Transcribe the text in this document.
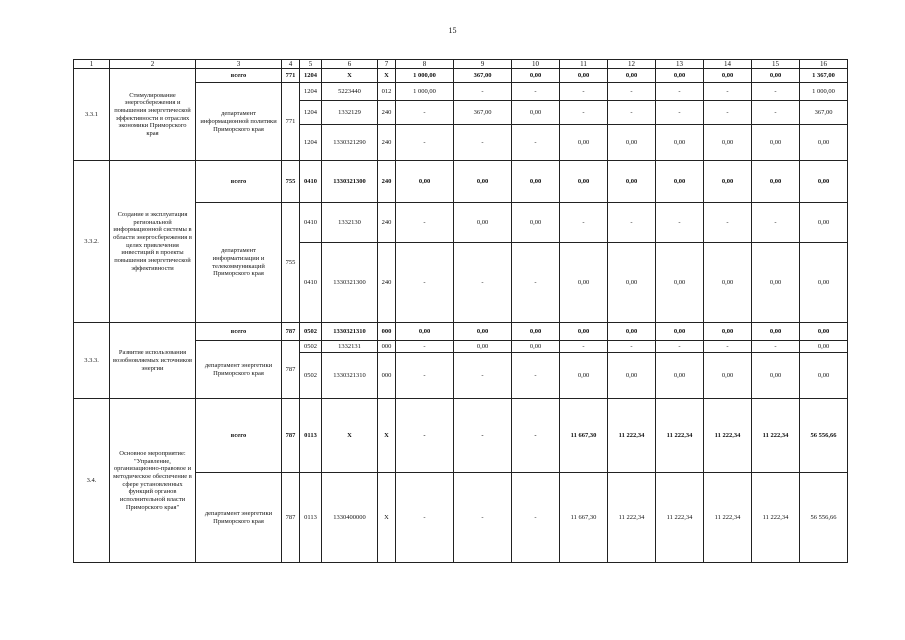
15
1	2	3	4	5	6	7	8	9	10	11	12	13	14	15	16
3.3.1	Стимулирование энергосбережения и повышения энергетической эффективности в отраслях экономики Приморского края	всего	771	1204	Х	Х	1 000,00	367,00	0,00	0,00	0,00	0,00	0,00	0,00	1 367,00
		департамент информационной политики Приморского края	771	1204	5223440	012	1 000,00	-	-	-	-	-	-	-	1 000,00
				1204	1332129	240	-	367,00	0,00	-	-	-	-	-	367,00
				1204	1330321290	240	-	-	-	0,00	0,00	0,00	0,00	0,00	0,00
3.3.2.	Создание и эксплуатация региональной информационной системы в области энергосбережения в целях привлечения инвестиций в проекты повышения энергетической эффективности	всего	755	0410	1330321300	240	0,00	0,00	0,00	0,00	0,00	0,00	0,00	0,00	0,00
		департамент информатизации и телекоммуникаций Приморского края	755	0410	1332130	240	-	0,00	0,00	-	-	-	-	-	0,00
				0410	1330321300	240	-	-	-	0,00	0,00	0,00	0,00	0,00	0,00
3.3.3.	Развитие использования возобновляемых источников энергии	всего	787	0502	1330321310	000	0,00	0,00	0,00	0,00	0,00	0,00	0,00	0,00	0,00
		департамент энергетики Приморского края	787	0502	1332131	000	-	0,00	0,00	-	-	-	-	-	0,00
				0502	1330321310	000	-	-	-	0,00	0,00	0,00	0,00	0,00	0,00
3.4.	Основное мероприятие: "Управление, организационно-правовое и методическое обеспечение в сфере установленных функций органов исполнительной власти Приморского края"	всего	787	0113	Х	Х	-	-	-	11 667,30	11 222,34	11 222,34	11 222,34	11 222,34	56 556,66
		департамент энергетики Приморского края	787	0113	1330400000	Х	-	-	-	11 667,30	11 222,34	11 222,34	11 222,34	11 222,34	56 556,66
